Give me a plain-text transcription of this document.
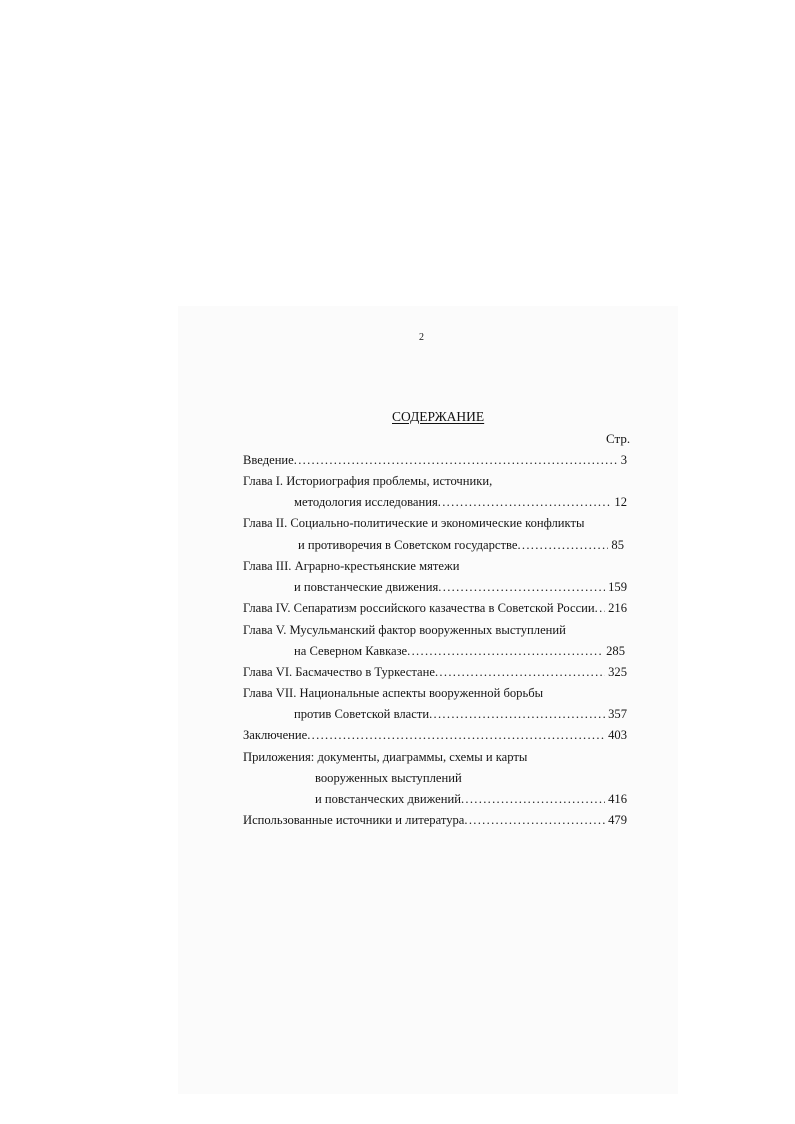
2
СОДЕРЖАНИЕ
Стр.
Введение .....	3
Глава I. Историография проблемы, источники,
методология исследования .....	12
Глава II. Социально-политические и экономические конфликты
и противоречия в Советском государстве .....	85
Глава III. Аграрно-крестьянские мятежи
и повстанческие движения .....	159
Глава IV. Сепаратизм российского казачества в Советской России ..... 216
Глава V. Мусульманский фактор вооруженных выступлений
на Северном Кавказе .....	285
Глава VI. Басмачество в Туркестане .....	325
Глава VII. Национальные аспекты вооруженной борьбы
против Советской власти .....	357
Заключение .....	403
Приложения: документы, диаграммы, схемы и карты
вооруженных выступлений
и повстанческих движений .....	416
Использованные источники и литература .....	479
